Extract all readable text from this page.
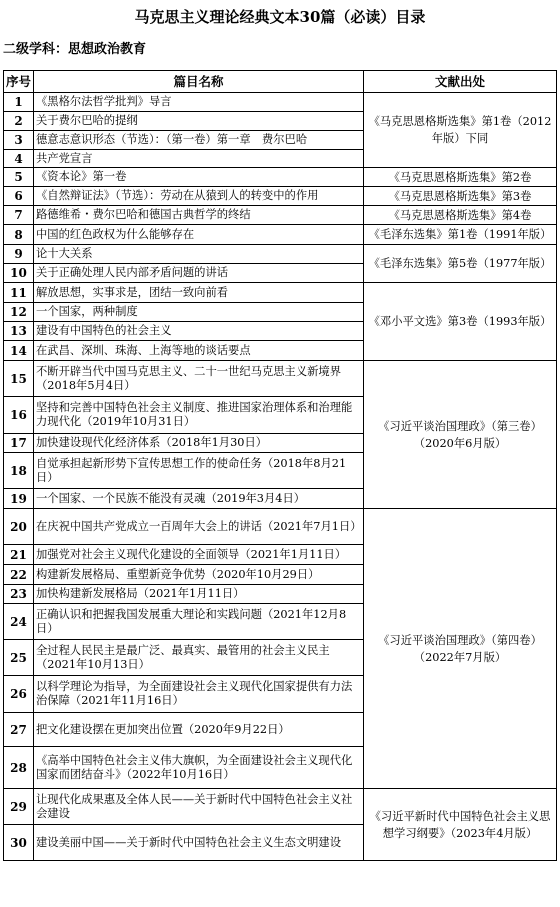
马克思主义理论经典文本30篇（必读）目录
二级学科：思想政治教育
序号	篇目名称	文献出处
1	《黑格尔法哲学批判》导言	《马克思恩格斯选集》第1卷（2012年版）下同
2	关于费尔巴哈的提纲	
3	德意志意识形态（节选）：（第一卷）第一章　费尔巴哈	
4	共产党宣言	
5	《资本论》第一卷	《马克思恩格斯选集》第2卷
6	《自然辩证法》（节选）：劳动在从猿到人的转变中的作用	《马克思恩格斯选集》第3卷
7	路德维希・费尔巴哈和德国古典哲学的终结	《马克思恩格斯选集》第4卷
8	中国的红色政权为什么能够存在	《毛泽东选集》第1卷（1991年版）
9	论十大关系	《毛泽东选集》第5卷（1977年版）
10	关于正确处理人民内部矛盾问题的讲话	
11	解放思想，实事求是，团结一致向前看	《邓小平文选》第3卷（1993年版）
12	一个国家，两种制度	
13	建设有中国特色的社会主义	
14	在武昌、深圳、珠海、上海等地的谈话要点	
15	不断开辟当代中国马克思主义、二十一世纪马克思主义新境界（2018年5月4日）	《习近平谈治国理政》（第三卷）（2020年6月版）
16	坚持和完善中国特色社会主义制度、推进国家治理体系和治理能力现代化（2019年10月31日）	
17	加快建设现代化经济体系（2018年1月30日）	
18	自觉承担起新形势下宣传思想工作的使命任务（2018年8月21日）	
19	一个国家、一个民族不能没有灵魂（2019年3月4日）	
20	在庆祝中国共产党成立一百周年大会上的讲话（2021年7月1日）	《习近平谈治国理政》（第四卷）（2022年7月版）
21	加强党对社会主义现代化建设的全面领导（2021年1月11日）	
22	构建新发展格局、重塑新竞争优势（2020年10月29日）	
23	加快构建新发展格局（2021年1月11日）	
24	正确认识和把握我国发展重大理论和实践问题（2021年12月8日）	
25	全过程人民民主是最广泛、最真实、最管用的社会主义民主（2021年10月13日）	
26	以科学理论为指导，为全面建设社会主义现代化国家提供有力法治保障（2021年11月16日）	
27	把文化建设摆在更加突出位置（2020年9月22日）	
28	《高举中国特色社会主义伟大旗帜，为全面建设社会主义现代化国家而团结奋斗》（2022年10月16日）	
29	让现代化成果惠及全体人民——关于新时代中国特色社会主义社会建设	《习近平新时代中国特色社会主义思想学习纲要》（2023年4月版）
30	建设美丽中国——关于新时代中国特色社会主义生态文明建设	
